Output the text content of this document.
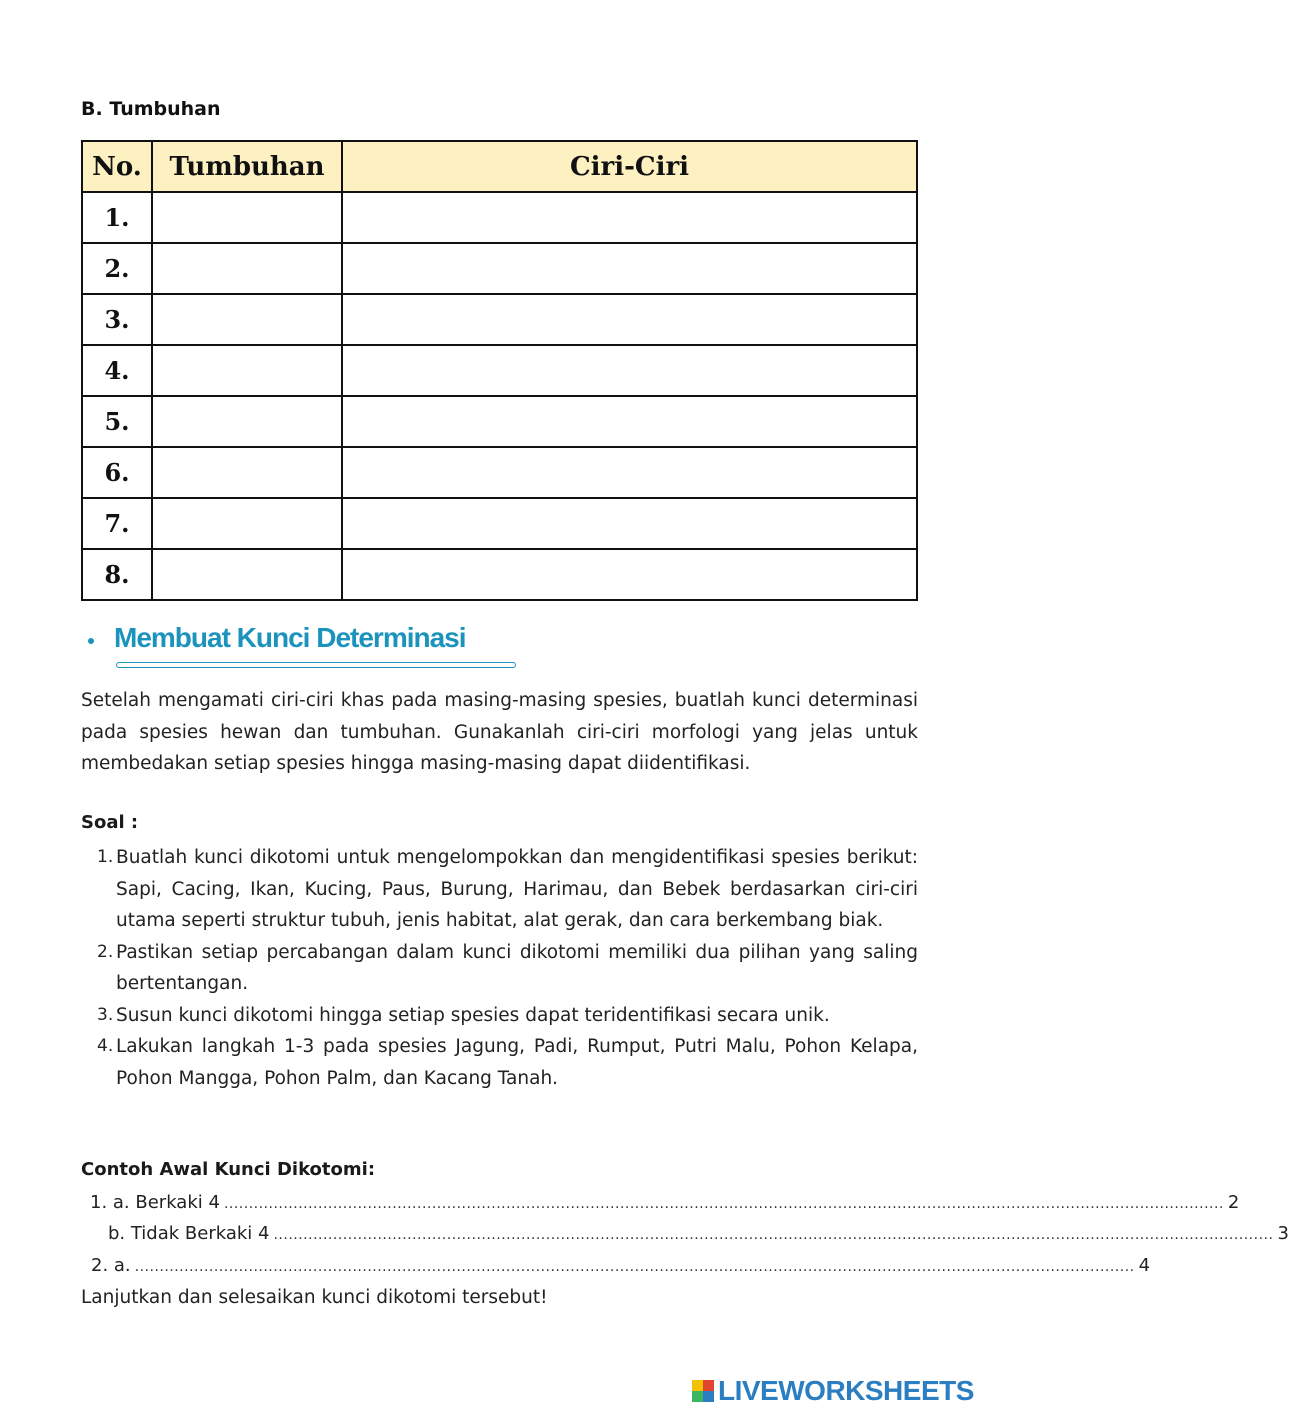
B. Tumbuhan
No.	Tumbuhan	Ciri-Ciri
1.		
2.		
3.		
4.		
5.		
6.		
7.		
8.		
Membuat Kunci Determinasi
Setelah mengamati ciri-ciri khas pada masing-masing spesies, buatlah kunci determinasi pada spesies hewan dan tumbuhan. Gunakanlah ciri-ciri morfologi yang jelas untuk membedakan setiap spesies hingga masing-masing dapat diidentifikasi.
Soal :
1. Buatlah kunci dikotomi untuk mengelompokkan dan mengidentifikasi spesies berikut: Sapi, Cacing, Ikan, Kucing, Paus, Burung, Harimau, dan Bebek berdasarkan ciri-ciri utama seperti struktur tubuh, jenis habitat, alat gerak, dan cara berkembang biak.
2. Pastikan setiap percabangan dalam kunci dikotomi memiliki dua pilihan yang saling bertentangan.
3. Susun kunci dikotomi hingga setiap spesies dapat teridentifikasi secara unik.
4. Lakukan langkah 1-3 pada spesies Jagung, Padi, Rumput, Putri Malu, Pohon Kelapa, Pohon Mangga, Pohon Palm, dan Kacang Tanah.
Contoh Awal Kunci Dikotomi:
1. a. Berkaki 4 .......................................................................................................................................................................................................... 2
b. Tidak Berkaki 4 .......................................................................................................................................................................................................... 3
2. a. .......................................................................................................................................................................................................... 4
Lanjutkan dan selesaikan kunci dikotomi tersebut!
LIVEWORKSHEETS
